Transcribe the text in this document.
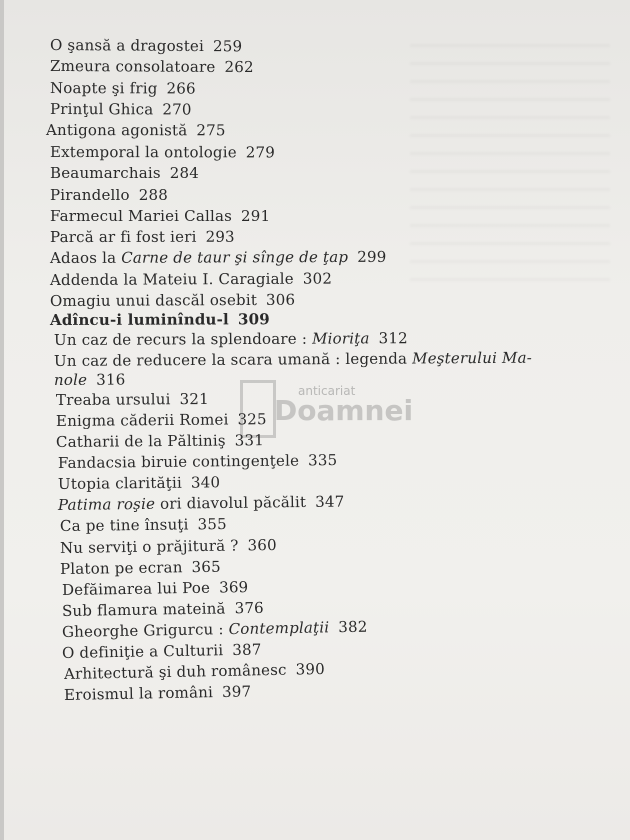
anticariat
Doamnei
O şansă a dragostei 259
Zmeura consolatoare 262
Noapte şi frig 266
Prinţul Ghica 270
Antigona agonistă 275
Extemporal la ontologie 279
Beaumarchais 284
Pirandello 288
Farmecul Mariei Callas 291
Parcă ar fi fost ieri 293
Adaos la Carne de taur şi sînge de ţap 299
Addenda la Mateiu I. Caragiale 302
Omagiu unui dascăl osebit 306
Adîncu-i luminîndu-l 309
Un caz de recurs la splendoare : Mioriţa 312
Un caz de reducere la scara umană : legenda Meşterului Ma-
nole 316
Treaba ursului 321
Enigma căderii Romei 325
Catharii de la Păltiniş 331
Fandacsia biruie contingenţele 335
Utopia clarităţii 340
Patima roşie ori diavolul păcălit 347
Ca pe tine însuţi 355
Nu serviţi o prăjitură ? 360
Platon pe ecran 365
Defăimarea lui Poe 369
Sub flamura mateină 376
Gheorghe Grigurcu : Contemplaţii 382
O definiţie a Culturii 387
Arhitectură şi duh românesc 390
Eroismul la români 397
